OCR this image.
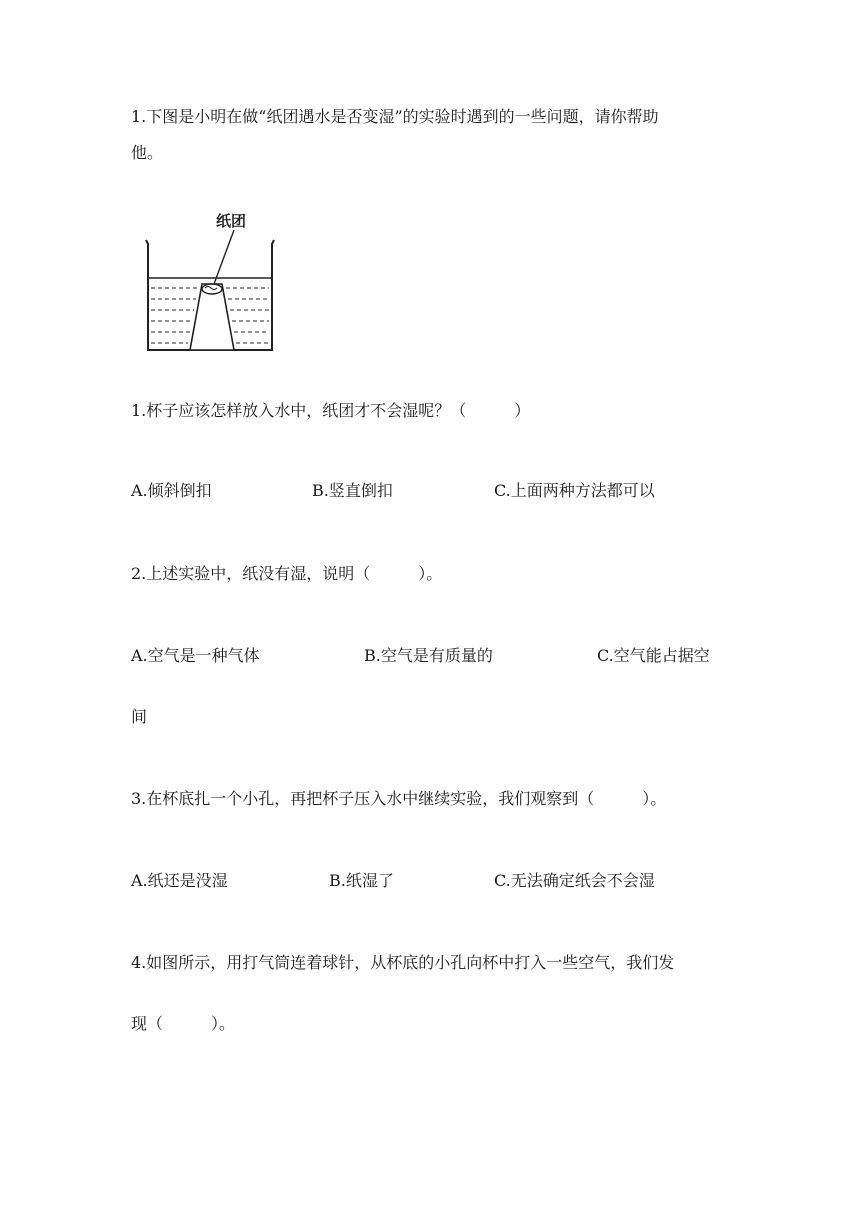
1.下图是小明在做“纸团遇水是否变湿”的实验时遇到的一些问题，请你帮助
他。
纸团
1.杯子应该怎样放入水中，纸团才不会湿呢？（　　　）
A.倾斜倒扣	B.竖直倒扣	C.上面两种方法都可以
2.上述实验中，纸没有湿，说明（　　　）。
A.空气是一种气体	B.空气是有质量的	C.空气能占据空
间
3.在杯底扎一个小孔，再把杯子压入水中继续实验，我们观察到（　　　）。
A.纸还是没湿	B.纸湿了	C.无法确定纸会不会湿
4.如图所示，用打气筒连着球针，从杯底的小孔向杯中打入一些空气，我们发
现（　　　）。
